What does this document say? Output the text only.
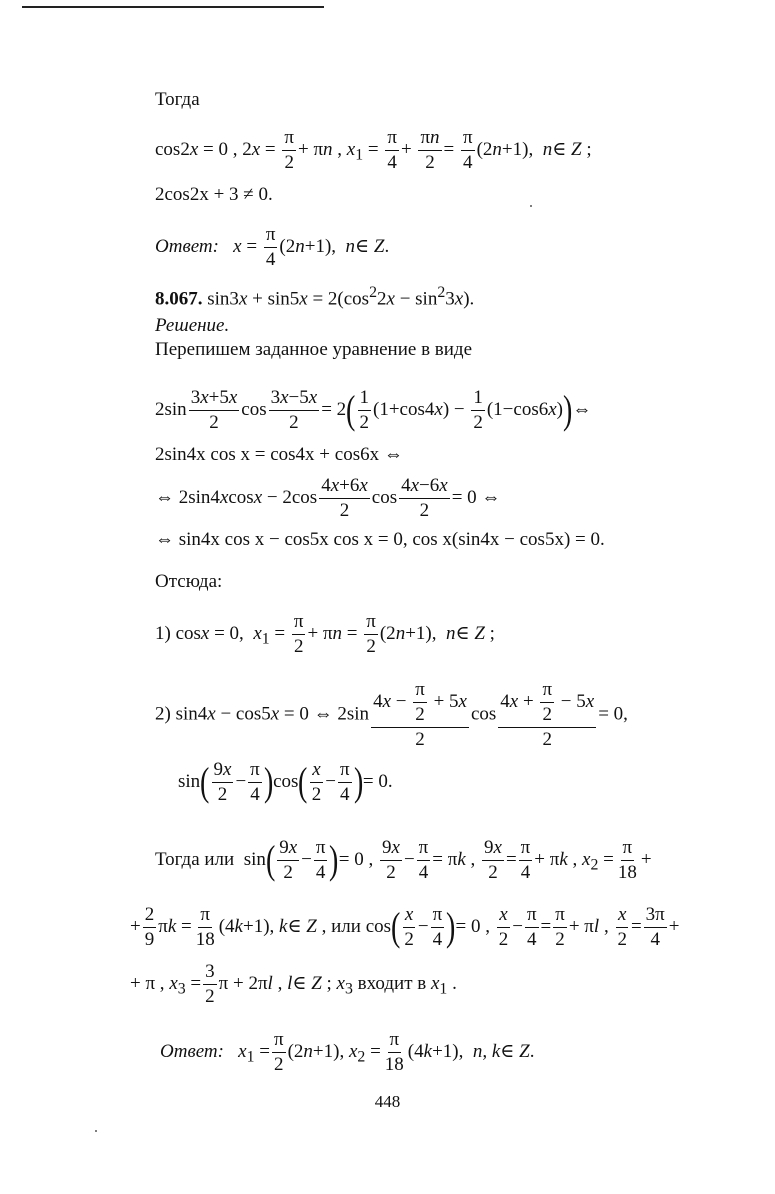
Тогда
cos2x = 0 , $2x = \frac{\pi}{2} + \pi n$ , $x_1 = \frac{\pi}{4} + \frac{\pi n}{2} = \frac{\pi}{4} (2n+1)$,  n∈ Z ;
2cos2x + 3 ≠ 0.
Ответ: $x = \frac{\pi}{4} (2n+1)$,  n∈ Z.
8.067. $\sin 3x + \sin 5x = 2(\cos^22x - \sin^23x)$.
Решение.
Перепишем заданное уравнение в виде
$2\sin \frac{3x+5x}{2}$ $\cos \frac{3x-5x}{2} = 2( \frac{1}{2} (1+\cos 4x) - \frac{1}{2}$ (1−cos6x))⇔
2sin4x cos x = cos4x + cos6x ⇔
⇔ $2\sin 4xcosx - 2\cos \frac{4x+6x}{2}$ $\cos \frac{4x-6x}{2} = 0$ ⇔
⇔ sin4x cos x − cos5x cos x = 0, cos x(sin4x − cos5x) = 0.
Отсюда:
1) cosx = 0,  $x_1 = \frac{\pi}{2} + \pi n = \frac{\pi}{2} (2n+1)$,  n∈ Z ;
2) sin4x − cos5x = 0 ⇔ $2\sin \frac{4x - \frac{\pi}{2} + 5x}{2}$ $\cos \frac{4x + \frac{\pi}{2} - 5x}{2} = 0$,
$\sin( \frac{9x}{2} - \frac{\pi}{4} )\cos( \frac{x}{2} - \frac{\pi}{4}$ )= 0.
Тогда или  $\sin( \frac{9x}{2} - \frac{\pi}{4}$ )= 0 , $\frac{9x}{2} - \frac{\pi}{4} = \pi k$ , $\frac{9x}{2} = \frac{\pi}{4} + \pi k$ , $x_2 = \frac{\pi}{18}$ +
+ $\frac{2}{9}$ $\pi k = \frac{\pi}{18} (4k+1)$, k∈ Z , или $\cos( \frac{x}{2} - \frac{\pi}{4}$ )= 0 , $\frac{x}{2} - \frac{\pi}{4} = \frac{\pi}{2} + \pi l$ , $\frac{x}{2} = \frac{3\pi}{4}$ +
+ π , $x_3 = \frac{3}{2}$ π + 2πl , l∈ Z ; $x_3$ входит в $x_1$ .
Ответ: $x_1 = \frac{\pi}{2} (2n+1)$, $x_2 = \frac{\pi}{18} (4k+1)$,  n, k∈ Z.
448
